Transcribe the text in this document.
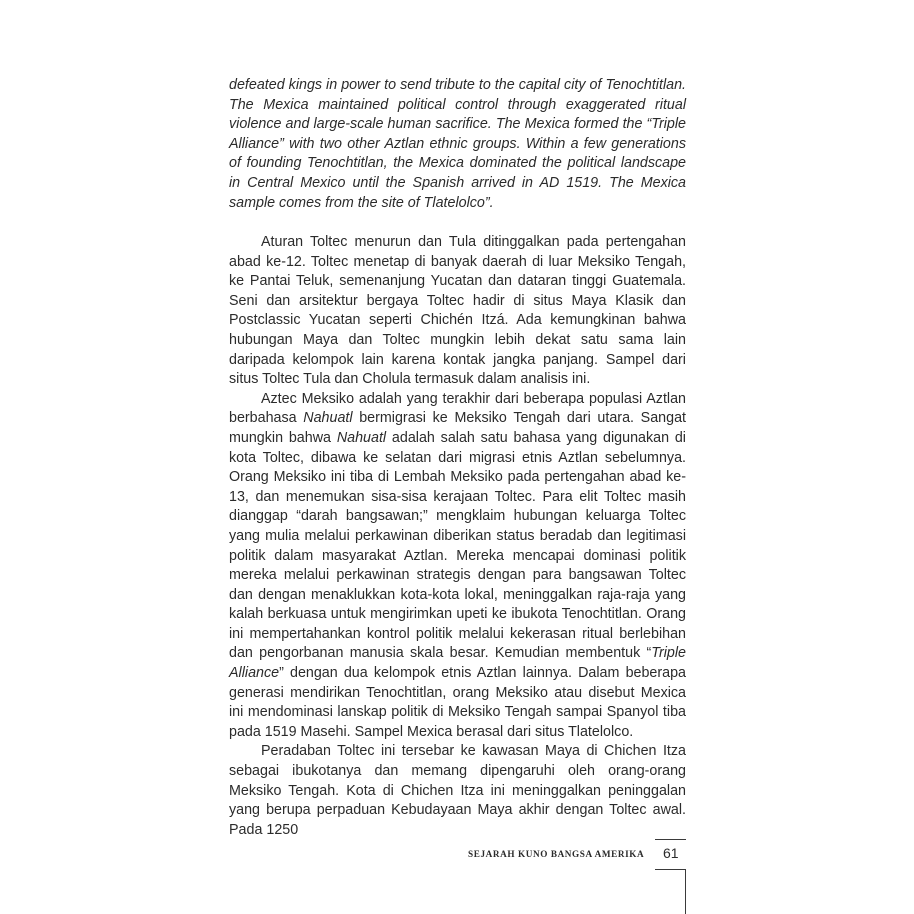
defeated kings in power to send tribute to the capital city of Tenochtitlan. The Mexica maintained political control through exaggerated ritual violence and large-scale human sacrifice. The Mexica formed the “Triple Alliance” with two other Aztlan ethnic groups. Within a few generations of founding Tenochtitlan, the Mexica dominated the political landscape in Central Mexico until the Spanish arrived in AD 1519. The Mexica sample comes from the site of Tlatelolco”.

Aturan Toltec menurun dan Tula ditinggalkan pada pertengahan abad ke-12. Toltec menetap di banyak daerah di luar Meksiko Tengah, ke Pantai Teluk, semenanjung Yucatan dan dataran tinggi Guatemala. Seni dan arsitektur bergaya Toltec hadir di situs Maya Klasik dan Postclassic Yucatan seperti Chichén Itzá. Ada kemungkinan bahwa hubungan Maya dan Toltec mungkin lebih dekat satu sama lain daripada kelompok lain karena kontak jangka panjang. Sampel dari situs Toltec Tula dan Cholula termasuk dalam analisis ini.

Aztec Meksiko adalah yang terakhir dari beberapa populasi Aztlan berbahasa Nahuatl bermigrasi ke Meksiko Tengah dari utara. Sangat mungkin bahwa Nahuatl adalah salah satu bahasa yang digunakan di kota Toltec, dibawa ke selatan dari migrasi etnis Aztlan sebelumnya. Orang Meksiko ini tiba di Lembah Meksiko pada pertengahan abad ke-13, dan menemukan sisa-sisa kerajaan Toltec. Para elit Toltec masih dianggap “darah bangsawan;” mengklaim hubungan keluarga Toltec yang mulia melalui perkawinan diberikan status beradab dan legitimasi politik dalam masyarakat Aztlan. Mereka mencapai dominasi politik mereka melalui perkawinan strategis dengan para bangsawan Toltec dan dengan menaklukkan kota-kota lokal, meninggalkan raja-raja yang kalah berkuasa untuk mengirimkan upeti ke ibukota Tenochtitlan. Orang ini mempertahankan kontrol politik melalui kekerasan ritual berlebihan dan pengorbanan manusia skala besar. Kemudian membentuk “Triple Alliance” dengan dua kelompok etnis Aztlan lainnya. Dalam beberapa generasi mendirikan Tenochtitlan, orang Meksiko atau disebut Mexica ini mendominasi lanskap politik di Meksiko Tengah sampai Spanyol tiba pada 1519 Masehi. Sampel Mexica berasal dari situs Tlatelolco.

Peradaban Toltec ini tersebar ke kawasan Maya di Chichen Itza sebagai ibukotanya dan memang dipengaruhi oleh orang-orang Meksiko Tengah. Kota di Chichen Itza ini meninggalkan peninggalan yang berupa perpaduan Kebudayaan Maya akhir dengan Toltec awal. Pada 1250

SEJARAH KUNO BANGSA AMERIKA 61
